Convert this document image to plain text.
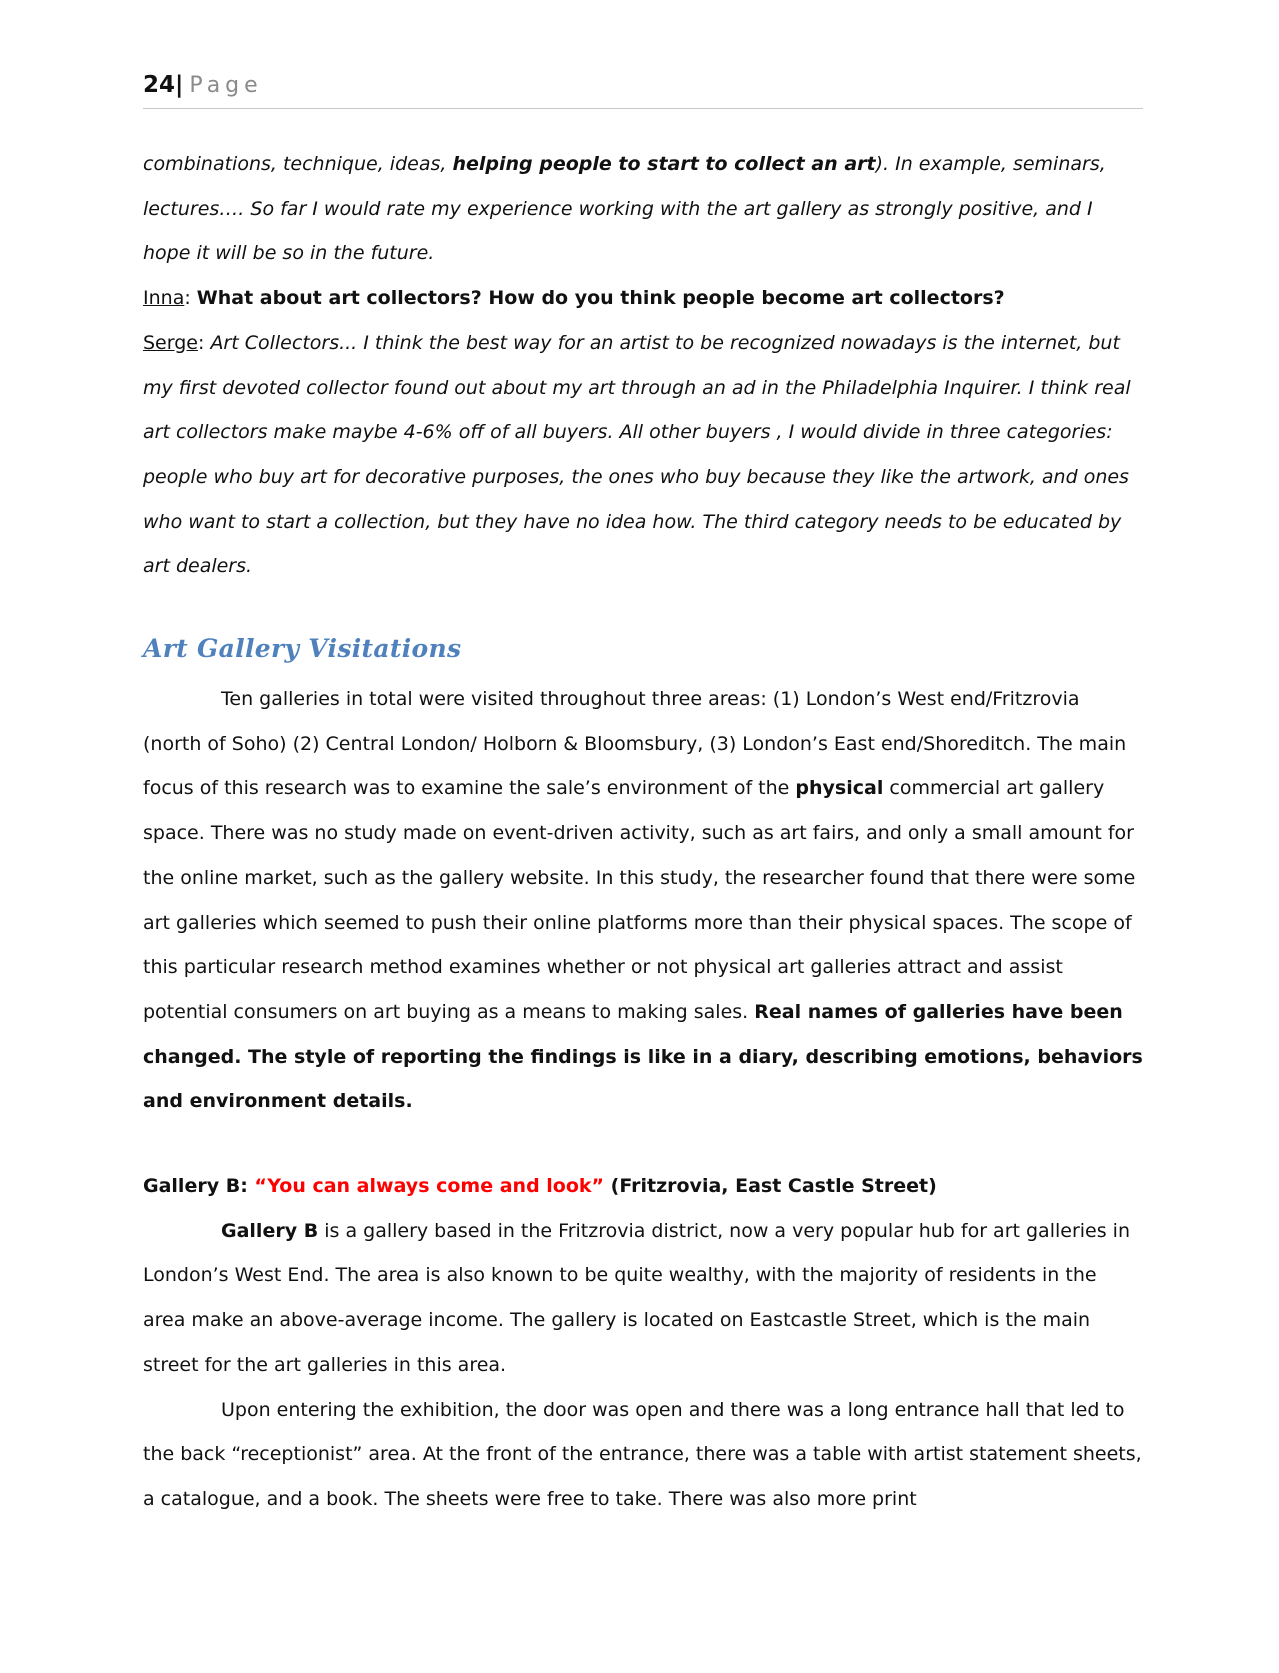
24| Page

combinations, technique, ideas, helping people to start to collect an art). In example, seminars, lectures…. So far I would rate my experience working with the art gallery as strongly positive, and I hope it will be so in the future.

Inna: What about art collectors? How do you think people become art collectors?

Serge: Art Collectors... I think the best way for an artist to be recognized nowadays is the internet, but my first devoted collector found out about my art through an ad in the Philadelphia Inquirer. I think real art collectors make maybe 4-6% off of all buyers. All other buyers , I would divide in three categories: people who buy art for decorative purposes, the ones who buy because they like the artwork, and ones who want to start a collection, but they have no idea how. The third category needs to be educated by art dealers.

Art Gallery Visitations

Ten galleries in total were visited throughout three areas: (1) London’s West end/Fritzrovia (north of Soho) (2) Central London/ Holborn & Bloomsbury, (3) London’s East end/Shoreditch. The main focus of this research was to examine the sale’s environment of the physical commercial art gallery space. There was no study made on event-driven activity, such as art fairs, and only a small amount for the online market, such as the gallery website. In this study, the researcher found that there were some art galleries which seemed to push their online platforms more than their physical spaces. The scope of this particular research method examines whether or not physical art galleries attract and assist potential consumers on art buying as a means to making sales. Real names of galleries have been changed. The style of reporting the findings is like in a diary, describing emotions, behaviors and environment details.

Gallery B: “You can always come and look” (Fritzrovia, East Castle Street)

Gallery B is a gallery based in the Fritzrovia district, now a very popular hub for art galleries in London’s West End. The area is also known to be quite wealthy, with the majority of residents in the area make an above-average income. The gallery is located on Eastcastle Street, which is the main street for the art galleries in this area.

Upon entering the exhibition, the door was open and there was a long entrance hall that led to the back “receptionist” area. At the front of the entrance, there was a table with artist statement sheets, a catalogue, and a book. The sheets were free to take. There was also more print
